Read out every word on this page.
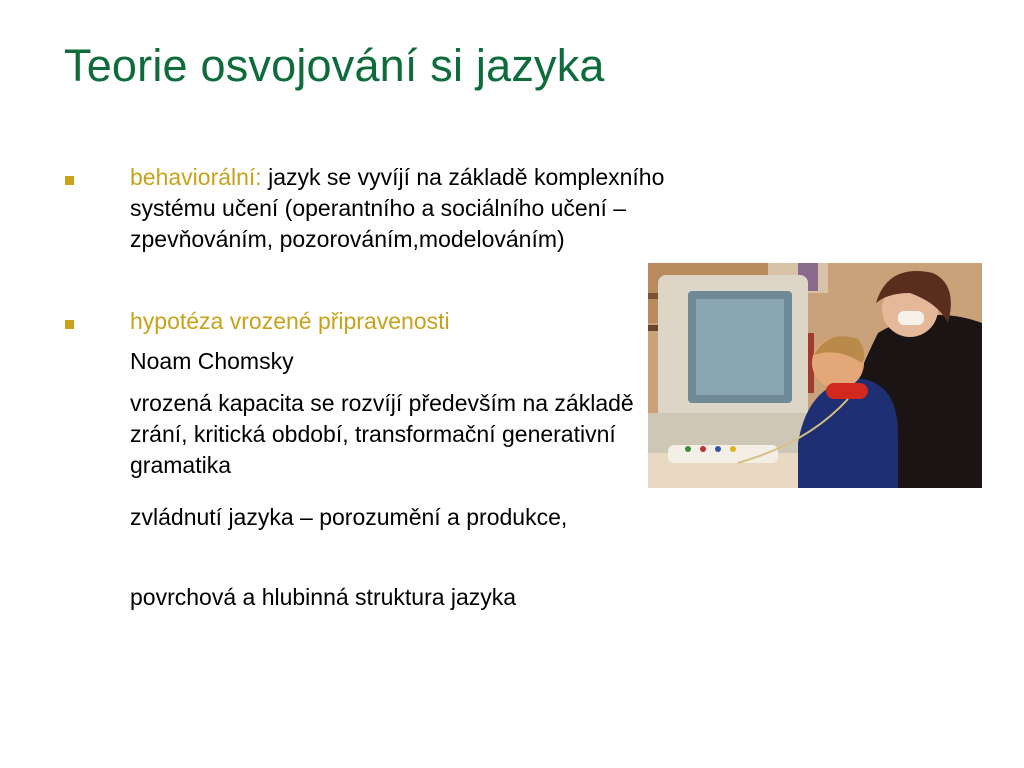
Teorie osvojování si jazyka
behaviorální: jazyk se vyvíjí na základě komplexního systému učení (operantního a sociálního učení – zpevňováním, pozorováním,modelováním)
hypotéza vrozené připravenosti
Noam Chomsky
vrozená kapacita se rozvíjí především na základě zrání, kritická období, transformační generativní gramatika
zvládnutí jazyka – porozumění a produkce,
povrchová a hlubinná struktura jazyka
